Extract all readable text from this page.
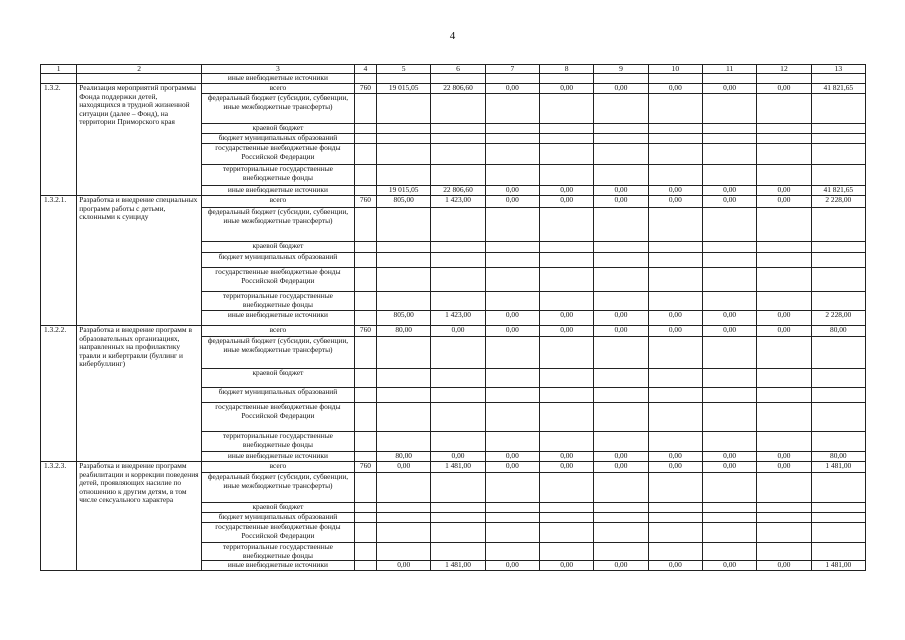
4
1	2	3	4	5	6	7	8	9	10	11	12	13
		иные внебюджетные источники										
1.3.2.	Реализация мероприятий программы Фонда поддержки детей, находящихся в трудной жизненной ситуации (далее – Фонд), на территории Приморского края	всего	760	19 015,05	22 806,60	0,00	0,00	0,00	0,00	0,00	0,00	41 821,65
		федеральный бюджет (субсидии, субвенции, иные межбюджетные трансферты)										
		краевой бюджет										
		бюджет муниципальных образований										
		государственные внебюджетные фонды Российской Федерации										
		территориальные государственные внебюджетные фонды										
		иные внебюджетные источники		19 015,05	22 806,60	0,00	0,00	0,00	0,00	0,00	0,00	41 821,65
1.3.2.1.	Разработка и внедрение специальных программ работы с детьми, склонными к суициду	всего	760	805,00	1 423,00	0,00	0,00	0,00	0,00	0,00	0,00	2 228,00
		федеральный бюджет (субсидии, субвенции, иные межбюджетные трансферты)										
		краевой бюджет										
		бюджет муниципальных образований										
		государственные внебюджетные фонды Российской Федерации										
		территориальные государственные внебюджетные фонды										
		иные внебюджетные источники		805,00	1 423,00	0,00	0,00	0,00	0,00	0,00	0,00	2 228,00
1.3.2.2.	Разработка и внедрение программ в образовательных организациях, направленных на профилактику травли и кибертравли (буллинг и кибербуллинг)	всего	760	80,00	0,00	0,00	0,00	0,00	0,00	0,00	0,00	80,00
		федеральный бюджет (субсидии, субвенции, иные межбюджетные трансферты)										
		краевой бюджет										
		бюджет муниципальных образований										
		государственные внебюджетные фонды Российской Федерации										
		территориальные государственные внебюджетные фонды										
		иные внебюджетные источники		80,00	0,00	0,00	0,00	0,00	0,00	0,00	0,00	80,00
1.3.2.3.	Разработка и внедрение программ реабилитации и коррекции поведения детей, проявляющих насилие по отношению к другим детям, в том числе сексуального характера	всего	760	0,00	1 481,00	0,00	0,00	0,00	0,00	0,00	0,00	1 481,00
		федеральный бюджет (субсидии, субвенции, иные межбюджетные трансферты)										
		краевой бюджет										
		бюджет муниципальных образований										
		государственные внебюджетные фонды Российской Федерации										
		территориальные государственные внебюджетные фонды										
		иные внебюджетные источники		0,00	1 481,00	0,00	0,00	0,00	0,00	0,00	0,00	1 481,00
